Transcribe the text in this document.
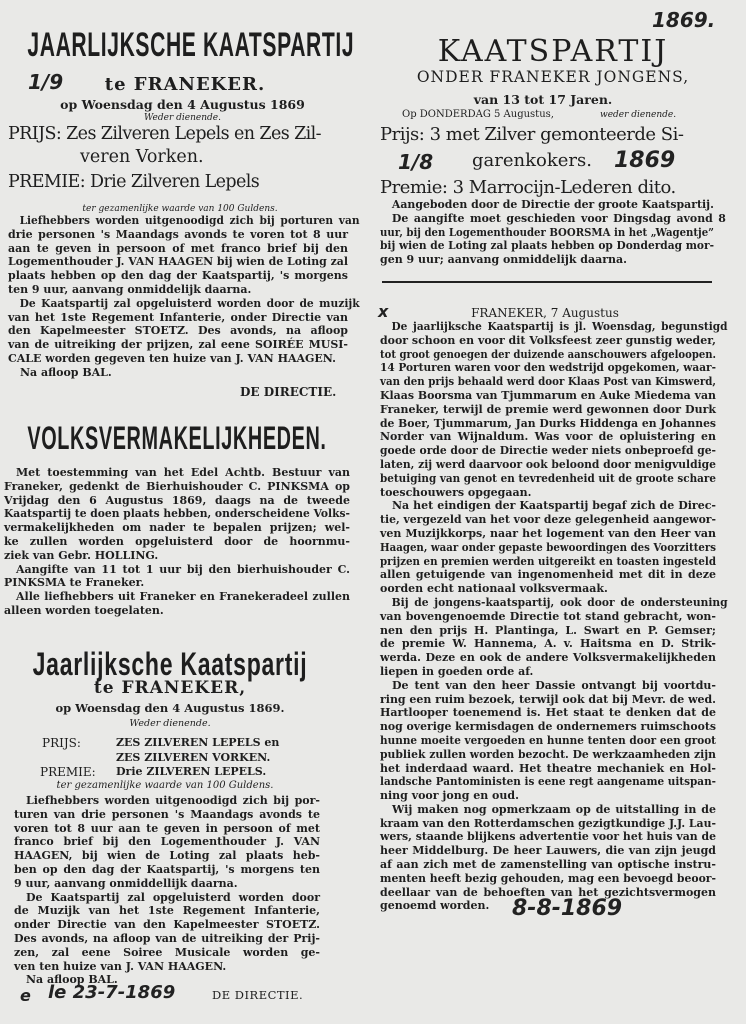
JAARLIJKSCHE KAATSPARTIJ
1/9	te FRANEKER.
op Woensdag den 4 Augustus 1869
Weder dienende.
PRIJS: Zes Zilveren Lepels en Zes Zil-
veren Vorken.
PREMIE: Drie Zilveren Lepels
ter gezamenlijke waarde van 100 Guldens.
Liefhebbers worden uitgenoodigd zich bij porturen van
drie personen 's Maandags avonds te voren tot 8 uur
aan te geven in persoon of met franco brief bij den
Logementhouder J. VAN HAAGEN bij wien de Loting zal
plaats hebben op den dag der Kaatspartij, 's morgens
ten 9 uur, aanvang onmiddelijk daarna.
De Kaatspartij zal opgeluisterd worden door de muzijk
van het 1ste Regement Infanterie, onder Directie van
den Kapelmeester STOETZ. Des avonds, na afloop
van de uitreiking der prijzen, zal eene SOIRÉE MUSI-
CALE worden gegeven ten huize van J. VAN HAAGEN.
Na afloop BAL.
DE DIRECTIE.
VOLKSVERMAKELIJKHEDEN.
Met toestemming van het Edel Achtb. Bestuur van
Franeker, gedenkt de Bierhuishouder C. PINKSMA op
Vrijdag den 6 Augustus 1869, daags na de tweede
Kaatspartij te doen plaats hebben, onderscheidene Volks-
vermakelijkheden om nader te bepalen prijzen; wel-
ke zullen worden opgeluisterd door de hoornmu-
ziek van Gebr. HOLLING.
Aangifte van 11 tot 1 uur bij den bierhuishouder C.
PINKSMA te Franeker.
Alle liefhebbers uit Franeker en Franekeradeel zullen
alleen worden toegelaten.
Jaarlijksche Kaatspartij
te FRANEKER,
op Woensdag den 4 Augustus 1869.
Weder dienende.
PRIJS:	ZES ZILVEREN LEPELS en
ZES ZILVEREN VORKEN.
PREMIE: Drie ZILVEREN LEPELS.
ter gezamenlijke waarde van 100 Guldens.
Liefhebbers worden uitgenoodigd zich bij por-
turen van drie personen 's Maandags avonds te
voren tot 8 uur aan te geven in persoon of met
franco brief bij den Logementhouder J. VAN
HAAGEN, bij wien de Loting zal plaats heb-
ben op den dag der Kaatspartij, 's morgens ten
9 uur, aanvang onmiddellijk daarna.
De Kaatspartij zal opgeluisterd worden door
de Muzijk van het 1ste Regement Infanterie,
onder Directie van den Kapelmeester STOETZ.
Des avonds, na afloop van de uitreiking der Prij-
zen, zal eene Soiree Musicale worden ge-
ven ten huize van J. VAN HAAGEN.
Na afloop BAL.
e le 23-7-1869	DE DIRECTIE.
1869.
KAATSPARTIJ
ONDER FRANEKER JONGENS,
van 13 tot 17 Jaren.
Op DONDERDAG 5 Augustus,	weder dienende.
Prijs: 3 met Zilver gemonteerde Si-
1/8 garenkokers. 1869
Premie: 3 Marrocijn-Lederen dito.
Aangeboden door de Directie der groote Kaatspartij.
De aangifte moet geschieden voor Dingsdag avond 8
uur, bij den Logementhouder BOORSMA in het „Wagentje”
bij wien de Loting zal plaats hebben op Donderdag mor-
gen 9 uur; aanvang onmiddelijk daarna.
x	FRANEKER, 7 Augustus
De jaarlijksche Kaatspartij is jl. Woensdag, begunstigd
door schoon en voor dit Volksfeest zeer gunstig weder,
tot groot genoegen der duizende aanschouwers afgeloopen.
14 Porturen waren voor den wedstrijd opgekomen, waar-
van den prijs behaald werd door Klaas Post van Kimswerd,
Klaas Boorsma van Tjummarum en Auke Miedema van
Franeker, terwijl de premie werd gewonnen door Durk
de Boer, Tjummarum, Jan Durks Hiddenga en Johannes
Norder van Wijnaldum. Was voor de opluistering en
goede orde door de Directie weder niets onbeproefd ge-
laten, zij werd daarvoor ook beloond door menigvuldige
betuiging van genot en tevredenheid uit de groote schare
toeschouwers opgegaan.
Na het eindigen der Kaatspartij begaf zich de Direc-
tie, vergezeld van het voor deze gelegenheid aangewor-
ven Muzijkkorps, naar het logement van den Heer van
Haagen, waar onder gepaste bewoordingen des Voorzitters
prijzen en premien werden uitgereikt en toasten ingesteld
allen getuigende van ingenomenheid met dit in deze
oorden echt nationaal volksvermaak.
Bij de jongens-kaatspartij, ook door de ondersteuning
van bovengenoemde Directie tot stand gebracht, won-
nen den prijs H. Plantinga, L. Swart en P. Gemser;
de premie W. Hannema, A. v. Haitsma en D. Strik-
werda. Deze en ook de andere Volksvermakelijkheden
liepen in goeden orde af.
De tent van den heer Dassie ontvangt bij voortdu-
ring een ruim bezoek, terwijl ook dat bij Mevr. de wed.
Hartlooper toenemend is. Het staat te denken dat de
nog overige kermisdagen de ondernemers ruimschoots
hunne moeite vergoeden en hunne tenten door een groot
publiek zullen worden bezocht. De werkzaamheden zijn
het inderdaad waard. Het theatre mechaniek en Hol-
landsche Pantoministen is eene regt aangename uitspan-
ning voor jong en oud.
Wij maken nog opmerkzaam op de uitstalling in de
kraam van den Rotterdamschen gezigtkundige J.J. Lau-
wers, staande blijkens advertentie voor het huis van de
heer Middelburg. De heer Lauwers, die van zijn jeugd
af aan zich met de zamenstelling van optische instru-
menten heeft bezig gehouden, mag een bevoegd beoor-
deellaar van de behoeften van het gezichtsvermogen
genoemd worden.	8-8-1869
